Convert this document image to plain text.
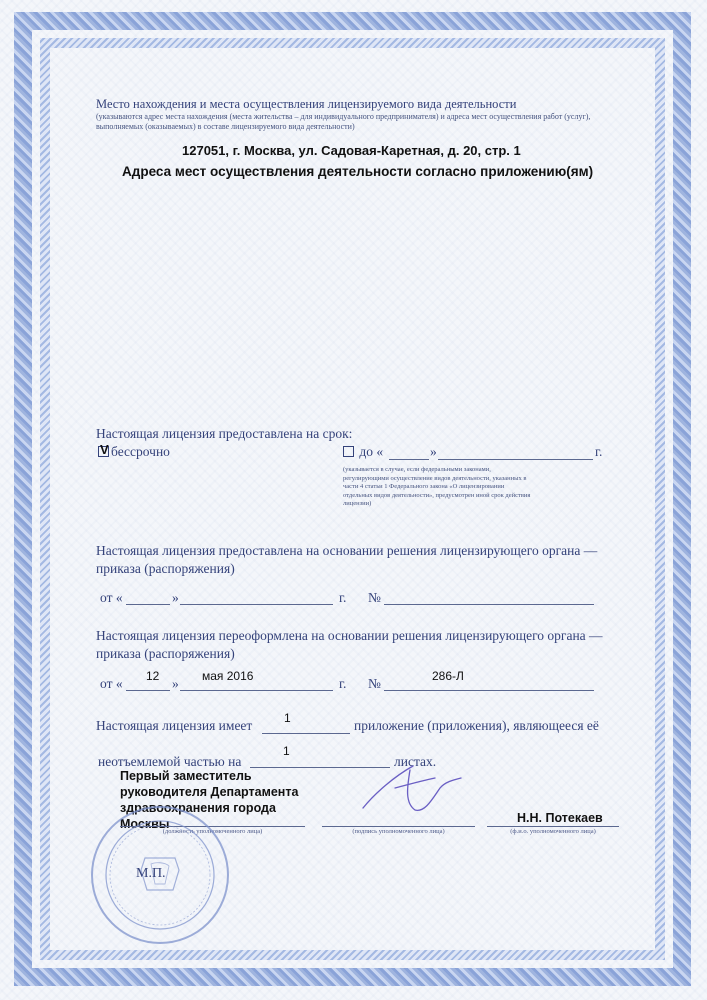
Место нахождения и места осуществления лицензируемого вида деятельности
(указываются адрес места нахождения (места жительства – для индивидуального предпринимателя) и адреса мест осуществления работ (услуг), выполняемых (оказываемых) в составе лицензируемого вида деятельности)
127051, г. Москва, ул. Садовая-Каретная, д. 20, стр. 1
Адреса мест осуществления деятельности согласно приложению(ям)
Настоящая лицензия предоставлена на срок:
V бессрочно	до «	»	г.
(указывается в случае, если федеральными законами, регулирующими осуществление видов деятельности, указанных в части 4 статьи 1 Федерального закона «О лицензировании отдельных видов деятельности», предусмотрен иной срок действия лицензии)
Настоящая лицензия предоставлена на основании решения лицензирующего органа — приказа (распоряжения)
от «	»	г. №
Настоящая лицензия переоформлена на основании решения лицензирующего органа — приказа (распоряжения)
от « 12 » мая 2016	г. №	286-Л
Настоящая лицензия имеет	1	приложение (приложения), являющееся её
неотъемлемой частью на
1
листах.
Первый заместитель руководителя Департамента здравоохранения города Москвы
(должность уполномоченного лица)	(подпись уполномоченного лица)
Н.Н. Потекаев
(ф.и.о. уполномоченного лица)
М.П.
